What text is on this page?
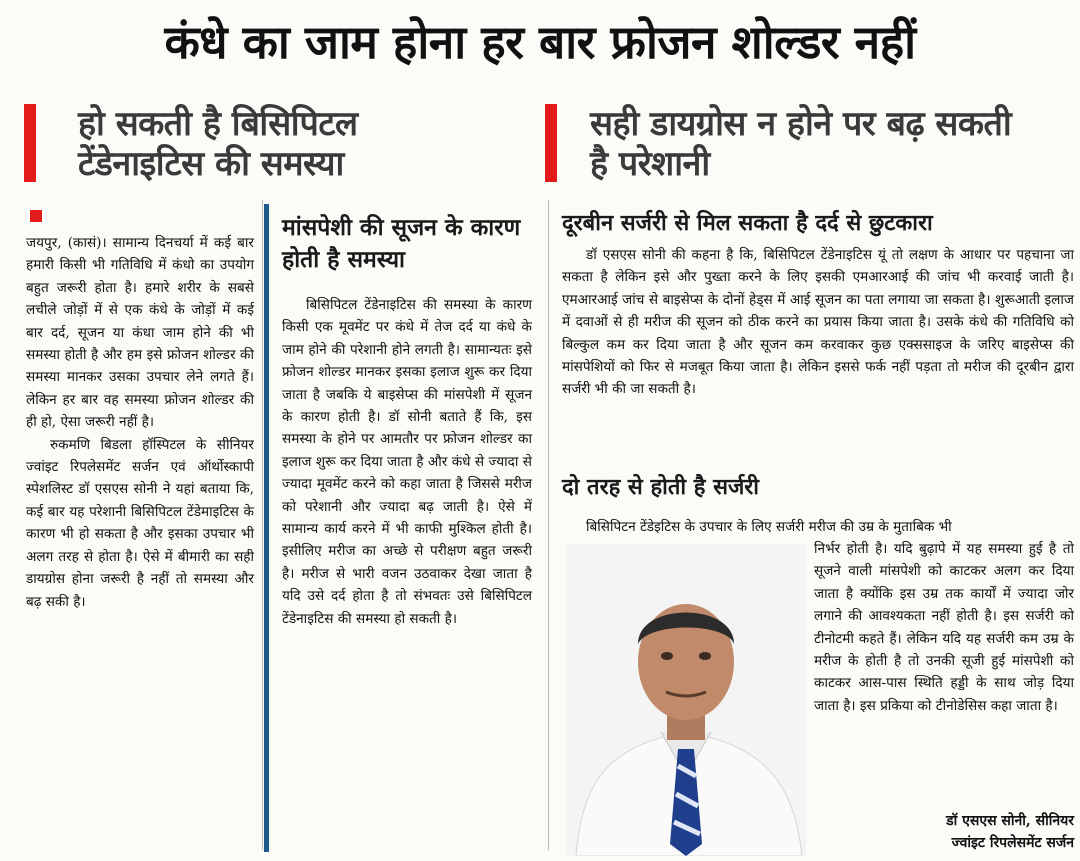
कंधे का जाम होना हर बार फ्रोजन शोल्डर नहीं
हो सकती है बिसिपिटल टेंडेनाइटिस की समस्या
सही डायग्रोस न होने पर बढ़ सकती है परेशानी

जयपुर, (कासं)। सामान्य दिनचर्या में कई बार हमारी किसी भी गतिविधि में कंधो का उपयोग बहुत जरूरी होता है। हमारे शरीर के सबसे लचीले जोड़ों में से एक कंधे के जोड़ों में कई बार दर्द, सूजन या कंधा जाम होने की भी समस्या होती है और हम इसे फ्रोजन शोल्डर की समस्या मानकर उसका उपचार लेने लगते हैं। लेकिन हर बार वह समस्या फ्रोजन शोल्डर की ही हो, ऐसा जरूरी नहीं है।

रुकमणि बिडला हॉस्पिटल के सीनियर ज्वांइट रिपलेसमेंट सर्जन एवं ऑर्थोस्कापी स्पेशलिस्ट डॉ एसएस सोनी ने यहां बताया कि, कई बार यह परेशानी बिसिपिटल टेंडेमाइटिस के कारण भी हो सकता है और इसका उपचार भी अलग तरह से होता है। ऐसे में बीमारी का सही डायग्रोस होना जरूरी है नहीं तो समस्या और बढ़ सकी है।

मांसपेशी की सूजन के कारण होती है समस्या

बिसिपिटल टेंडेनाइटिस की समस्या के कारण किसी एक मूवमेंट पर कंधे में तेज दर्द या कंधे के जाम होने की परेशानी होने लगती है। सामान्यतः इसे फ्रोजन शोल्डर मानकर इसका इलाज शुरू कर दिया जाता है जबकि ये बाइसेप्स की मांसपेशी में सूजन के कारण होती है। डॉ सोनी बताते हैं कि, इस समस्या के होने पर आमतौर पर फ्रोजन शोल्डर का इलाज शुरू कर दिया जाता है और कंधे से ज्यादा से ज्यादा मूवमेंट करने को कहा जाता है जिससे मरीज को परेशानी और ज्यादा बढ़ जाती है। ऐसे में सामान्य कार्य करने में भी काफी मुश्किल होती है। इसीलिए मरीज का अच्छे से परीक्षण बहुत जरूरी है। मरीज से भारी वजन उठवाकर देखा जाता है यदि उसे दर्द होता है तो संभवतः उसे बिसिपिटल टेंडेनाइटिस की समस्या हो सकती है।

दूरबीन सर्जरी से मिल सकता है दर्द से छुटकारा

डॉ एसएस सोनी की कहना है कि, बिसिपिटल टेंडेनाइटिस यूं तो लक्षण के आधार पर पहचाना जा सकता है लेकिन इसे और पुख्ता करने के लिए इसकी एमआरआई की जांच भी करवाई जाती है। एमआरआई जांच से बाइसेप्स के दोनों हेड्स में आई सूजन का पता लगाया जा सकता है। शुरूआती इलाज में दवाओं से ही मरीज की सूजन को ठीक करने का प्रयास किया जाता है। उसके कंधे की गतिविधि को बिल्कुल कम कर दिया जाता है और सूजन कम करवाकर कुछ एक्ससाइज के जरिए बाइसेप्स की मांसपेशियों को फिर से मजबूत किया जाता है। लेकिन इससे फर्क नहीं पड़ता तो मरीज की दूरबीन द्वारा सर्जरी भी की जा सकती है।

दो तरह से होती है सर्जरी

बिसिपिटन टेंडेइटिस के उपचार के लिए सर्जरी मरीज की उम्र के मुताबिक भी

निर्भर होती है। यदि बुढ़ापे में यह समस्या हुई है तो सूजने वाली मांसपेशी को काटकर अलग कर दिया जाता है क्योंकि इस उम्र तक कार्यों में ज्यादा जोर लगाने की आवश्यकता नहीं होती है। इस सर्जरी को टीनोटमी कहते हैं। लेकिन यदि यह सर्जरी कम उम्र के मरीज के होती है तो उनकी सूजी हुई मांसपेशी को काटकर आस-पास स्थिति हड्डी के साथ जोड़ दिया जाता है। इस प्रकिया को टीनोडेसिस कहा जाता है।

डॉ एसएस सोनी, सीनियर
ज्वांइट रिपलेसमेंट सर्जन
